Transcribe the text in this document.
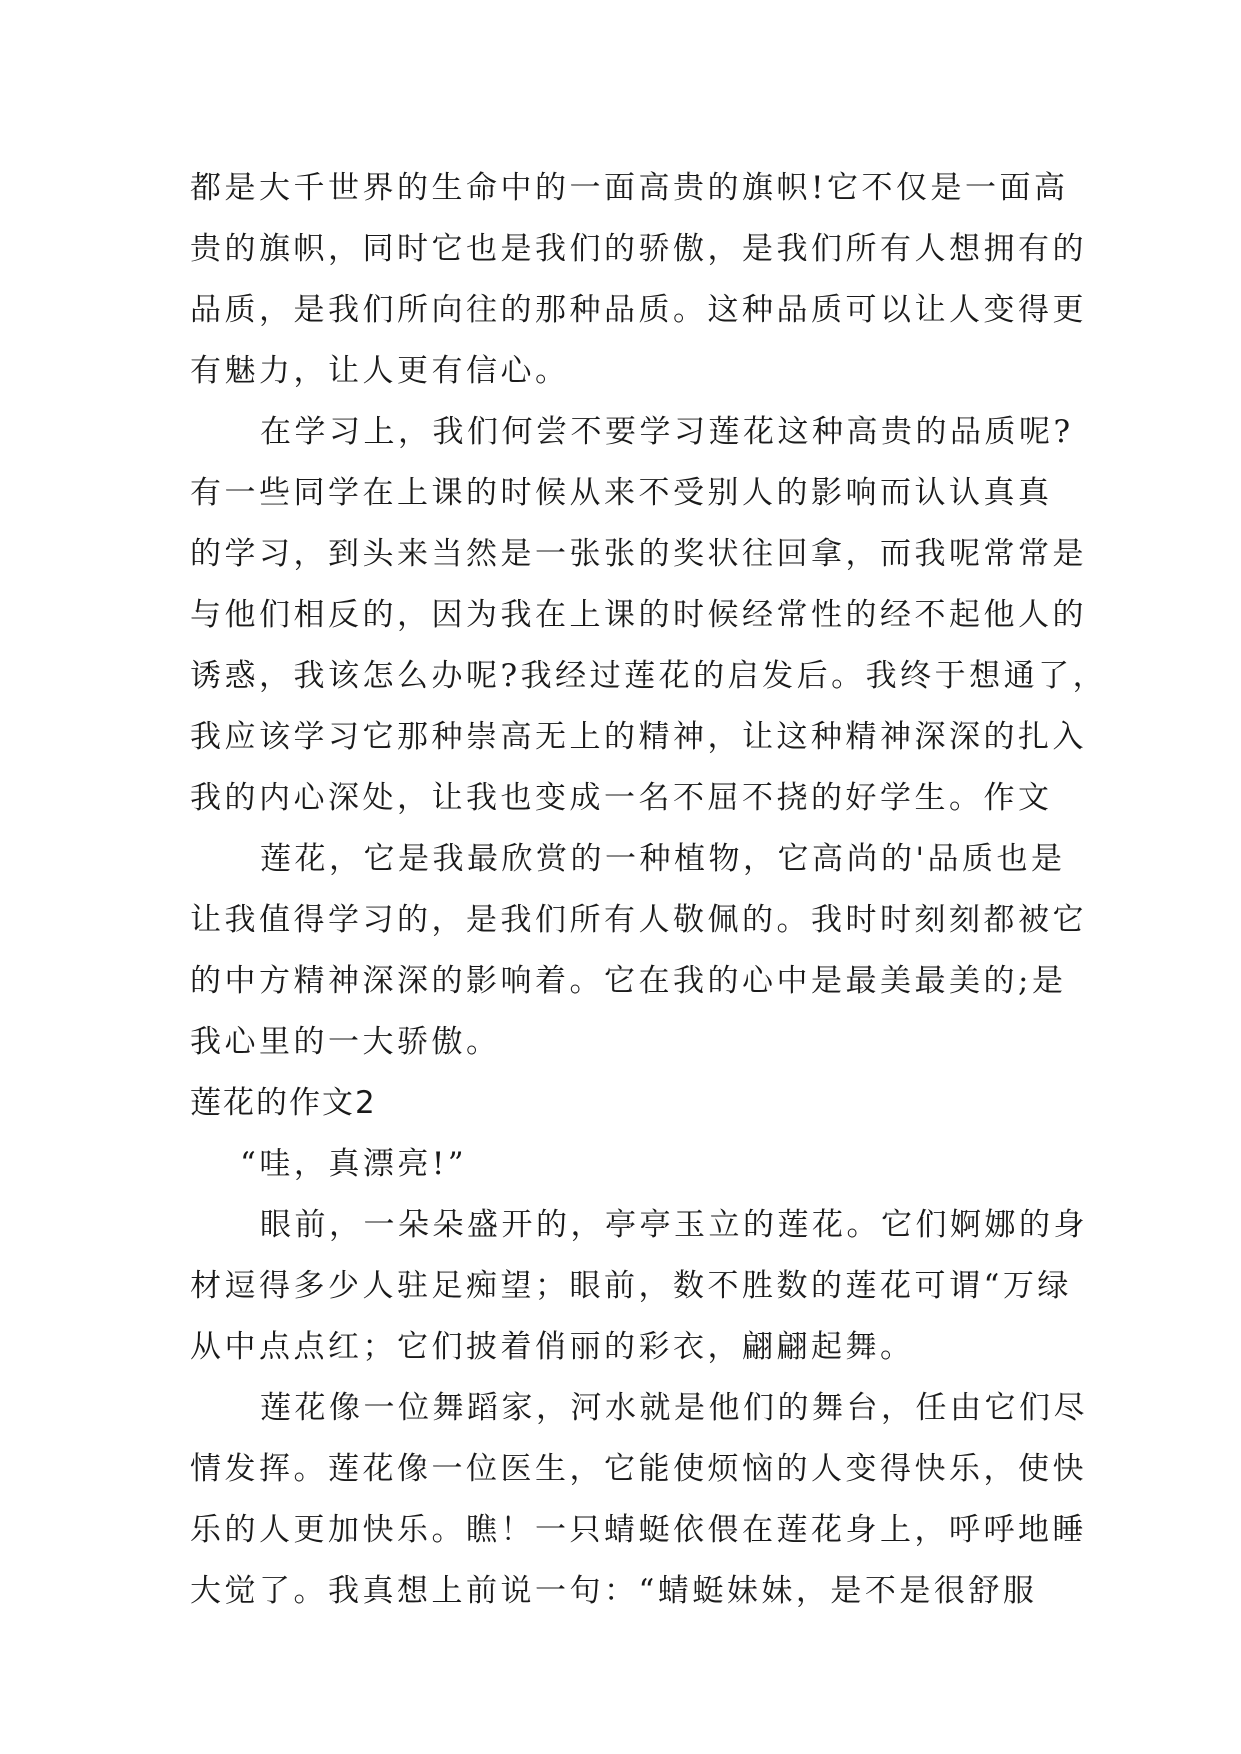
都是大千世界的生命中的一面高贵的旗帜!它不仅是一面高
贵的旗帜，同时它也是我们的骄傲，是我们所有人想拥有的
品质，是我们所向往的那种品质。这种品质可以让人变得更
有魅力，让人更有信心。
在学习上，我们何尝不要学习莲花这种高贵的品质呢?
有一些同学在上课的时候从来不受别人的影响而认认真真
的学习，到头来当然是一张张的奖状往回拿，而我呢常常是
与他们相反的，因为我在上课的时候经常性的经不起他人的
诱惑，我该怎么办呢?我经过莲花的启发后。我终于想通了，
我应该学习它那种崇高无上的精神，让这种精神深深的扎入
我的内心深处，让我也变成一名不屈不挠的好学生。作文
莲花，它是我最欣赏的一种植物，它高尚的'品质也是
让我值得学习的，是我们所有人敬佩的。我时时刻刻都被它
的中方精神深深的影响着。它在我的心中是最美最美的;是
我心里的一大骄傲。
莲花的作文2
“哇，真漂亮!”
眼前，一朵朵盛开的，亭亭玉立的莲花。它们婀娜的身
材逗得多少人驻足痴望；眼前，数不胜数的莲花可谓“万绿
从中点点红；它们披着俏丽的彩衣，翩翩起舞。
莲花像一位舞蹈家，河水就是他们的舞台，任由它们尽
情发挥。莲花像一位医生，它能使烦恼的人变得快乐，使快
乐的人更加快乐。瞧！一只蜻蜓依偎在莲花身上，呼呼地睡
大觉了。我真想上前说一句：“蜻蜓妹妹，是不是很舒服
